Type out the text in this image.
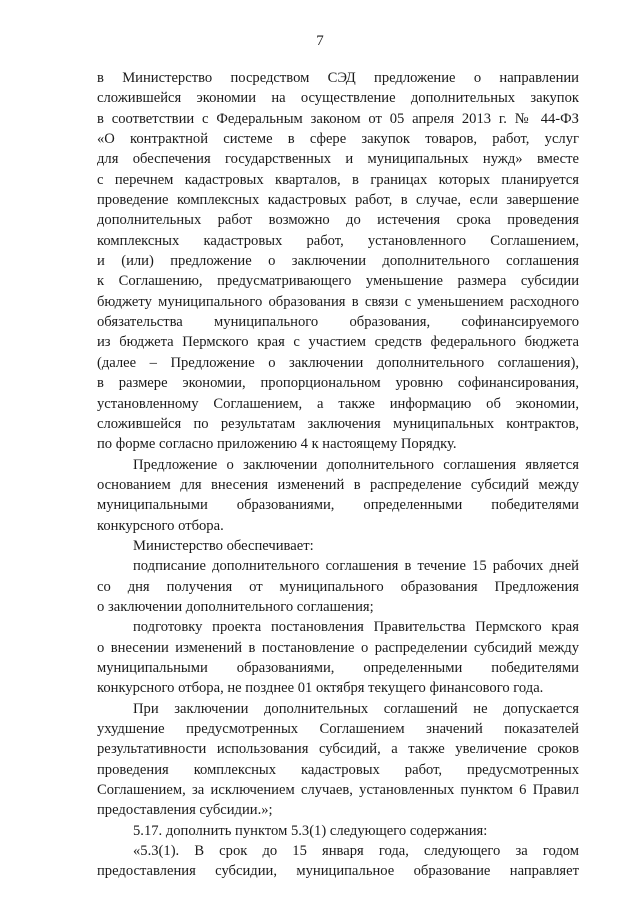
7
в Министерство посредством СЭД предложение о направлении
сложившейся экономии на осуществление дополнительных закупок
в соответствии с Федеральным законом от 05 апреля 2013 г. № 44-ФЗ
«О контрактной системе в сфере закупок товаров, работ, услуг
для обеспечения государственных и муниципальных нужд» вместе
с перечнем кадастровых кварталов, в границах которых планируется
проведение комплексных кадастровых работ, в случае, если завершение
дополнительных работ возможно до истечения срока проведения
комплексных кадастровых работ, установленного Соглашением,
и (или) предложение о заключении дополнительного соглашения
к Соглашению, предусматривающего уменьшение размера субсидии
бюджету муниципального образования в связи с уменьшением расходного
обязательства муниципального образования, софинансируемого
из бюджета Пермского края с участием средств федерального бюджета
(далее – Предложение о заключении дополнительного соглашения),
в размере экономии, пропорциональном уровню софинансирования,
установленному Соглашением, а также информацию об экономии,
сложившейся по результатам заключения муниципальных контрактов,
по форме согласно приложению 4 к настоящему Порядку.
Предложение о заключении дополнительного соглашения является
основанием для внесения изменений в распределение субсидий между
муниципальными образованиями, определенными победителями
конкурсного отбора.
Министерство обеспечивает:
подписание дополнительного соглашения в течение 15 рабочих дней
со дня получения от муниципального образования Предложения
о заключении дополнительного соглашения;
подготовку проекта постановления Правительства Пермского края
о внесении изменений в постановление о распределении субсидий между
муниципальными образованиями, определенными победителями
конкурсного отбора, не позднее 01 октября текущего финансового года.
При заключении дополнительных соглашений не допускается
ухудшение предусмотренных Соглашением значений показателей
результативности использования субсидий, а также увеличение сроков
проведения комплексных кадастровых работ, предусмотренных
Соглашением, за исключением случаев, установленных пунктом 6 Правил
предоставления субсидии.»;
5.17. дополнить пунктом 5.3(1) следующего содержания:
«5.3(1). В срок до 15 января года, следующего за годом
предоставления субсидии, муниципальное образование направляет
